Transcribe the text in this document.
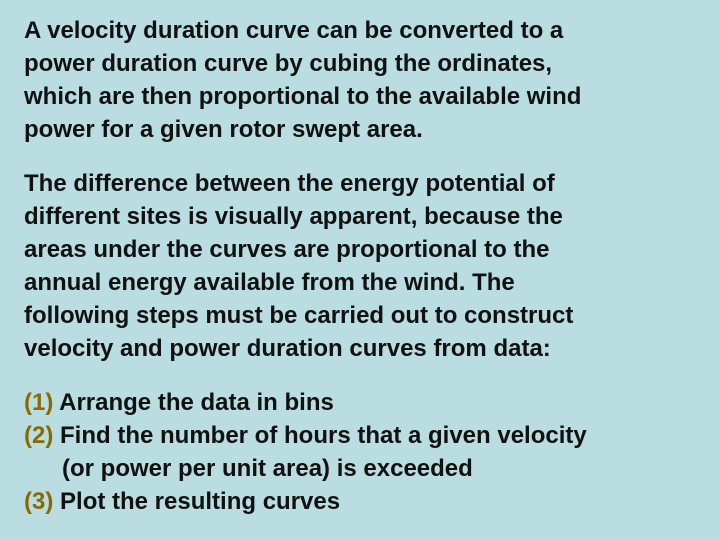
A velocity duration curve can be converted to a
power duration curve by cubing the ordinates,
which are then proportional to the available wind
power for a given rotor swept area.

The difference between the energy potential of
different sites is visually apparent, because the
areas under the curves are proportional to the
annual energy available from the wind. The
following steps must be carried out to construct
velocity and power duration curves from data:

(1) Arrange the data in bins
(2) Find the number of hours that a given velocity
(or power per unit area) is exceeded
(3) Plot the resulting curves
